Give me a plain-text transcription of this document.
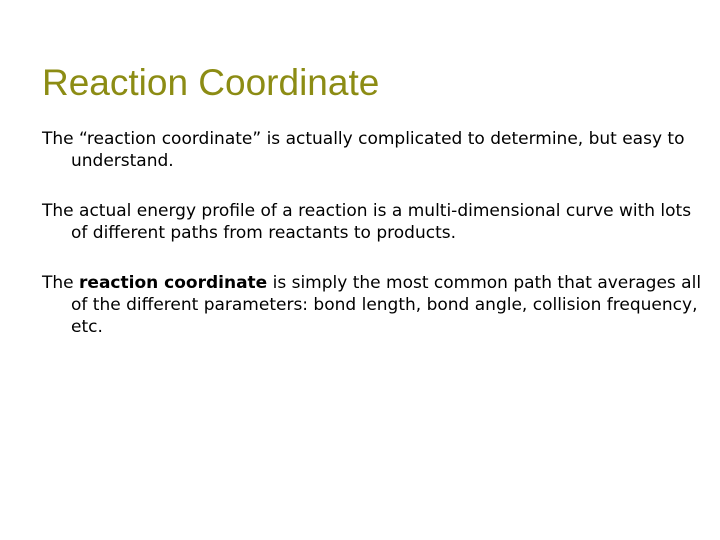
Reaction Coordinate

The “reaction coordinate” is actually complicated to determine, but easy to understand.

The actual energy profile of a reaction is a multi-dimensional curve with lots of different paths from reactants to products.

The reaction coordinate is simply the most common path that averages all of the different parameters: bond length, bond angle, collision frequency, etc.
